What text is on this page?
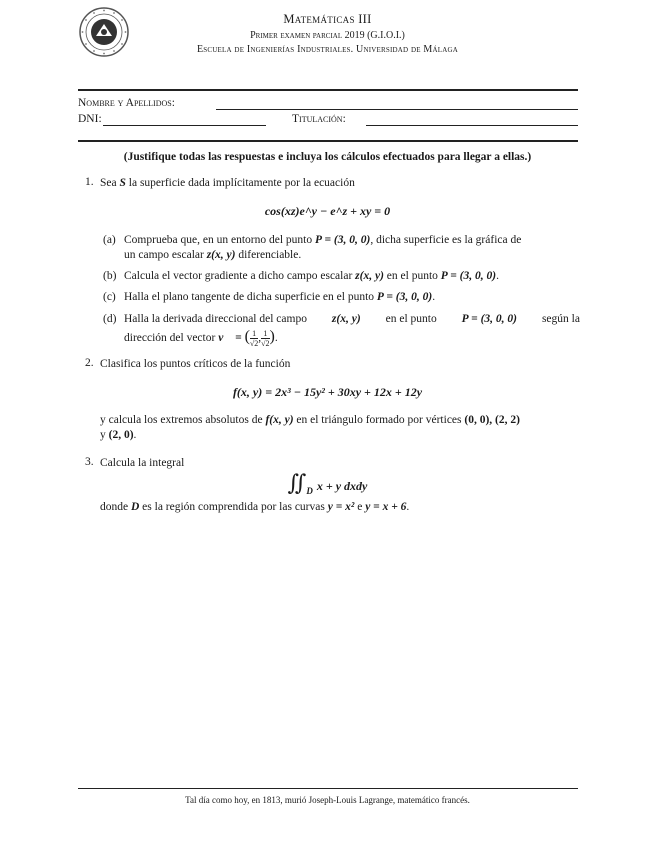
Matemáticas III
Primer examen parcial 2019 (G.I.O.I.)
Escuela de Ingenierías Industriales. Universidad de Málaga
Nombre y Apellidos:
DNI:	Titulación:
(Justifique todas las respuestas e incluya los cálculos efectuados para llegar a ellas.)
1. Sea S la superficie dada implícitamente por la ecuación
cos(xz)e^y − e^z + xy = 0
(a) Comprueba que, en un entorno del punto P = (3, 0, 0), dicha superficie es la gráfica de
un campo escalar z(x, y) diferenciable.
(b) Calcula el vector gradiente a dicho campo escalar z(x, y) en el punto P = (3, 0, 0).
(c) Halla el plano tangente de dicha superficie en el punto P = (3, 0, 0).
(d) Halla la derivada direccional del campo z(x, y) en el punto P = (3, 0, 0) según la
dirección del vector v⃗ = ( $\frac{1}{√2}$ , $\frac{1}{√2}$ ).
2. Clasifica los puntos críticos de la función
f(x, y) = 2x³ − 15y² + 30xy + 12x + 12y
y calcula los extremos absolutos de f(x, y) en el triángulo formado por vértices (0, 0), (2, 2)
y (2, 0).
3. Calcula la integral
$∬_D$ x + y dxdy
donde D es la región comprendida por las curvas y = x² e y = x + 6.
Tal día como hoy, en 1813, murió Joseph-Louis Lagrange, matemático francés.
